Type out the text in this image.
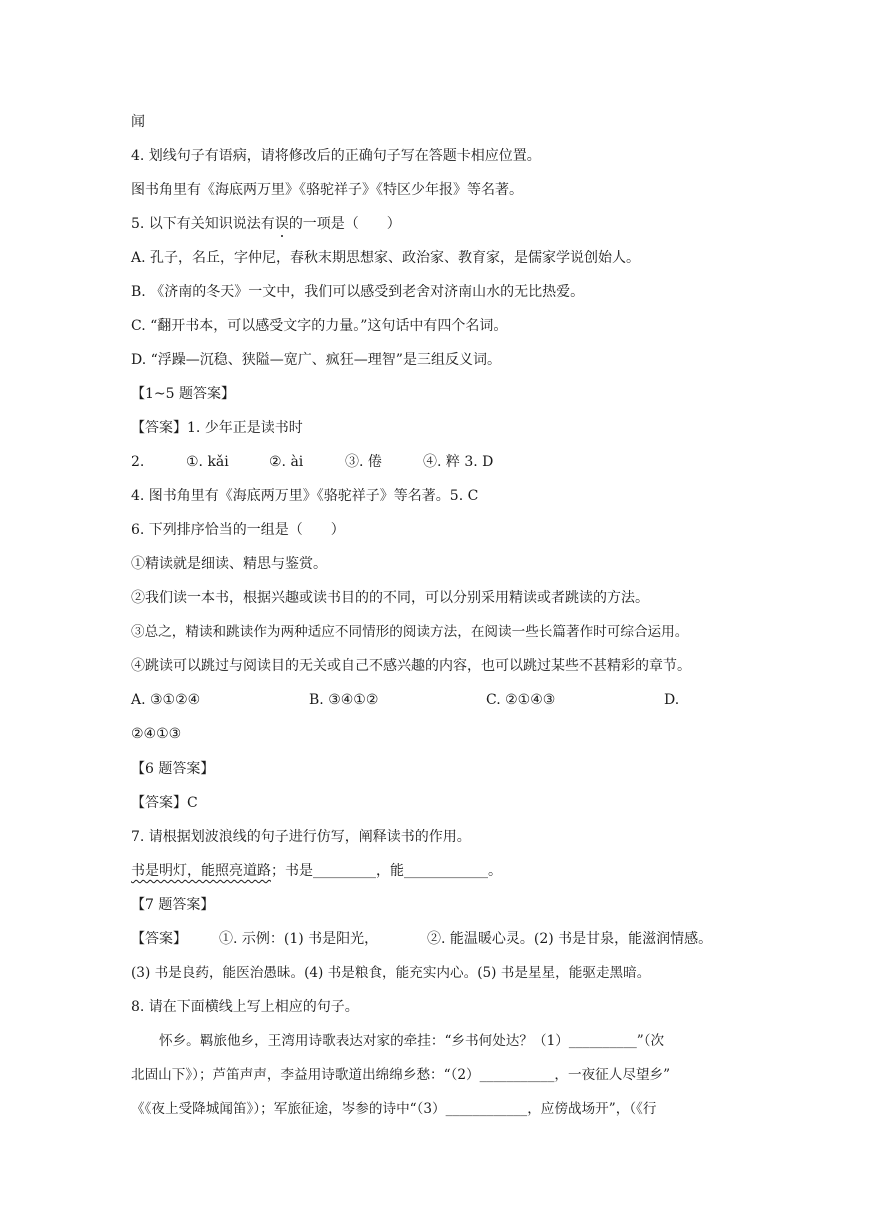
闻
4. 划线句子有语病，请将修改后的正确句子写在答题卡相应位置。
图书角里有《海底两万里》《骆驼祥子》《特区少年报》等名著。
5. 以下有关知识说法有误的一项是（　　）
A. 孔子，名丘，字仲尼，春秋末期思想家、政治家、教育家，是儒家学说创始人。
B. 《济南的冬天》一文中，我们可以感受到老舍对济南山水的无比热爱。
C. “翻开书本，可以感受文字的力量。”这句话中有四个名词。
D. “浮躁—沉稳、狭隘—宽广、疯狂—理智”是三组反义词。
【1~5 题答案】
【答案】1. 少年正是读书时
2.	①. kǎi	②. ài	③. 倦	④. 粹 3. D
4. 图书角里有《海底两万里》《骆驼祥子》等名著。5. C
6. 下列排序恰当的一组是（　　）
①精读就是细读、精思与鉴赏。
②我们读一本书，根据兴趣或读书目的的不同，可以分别采用精读或者跳读的方法。
③总之，精读和跳读作为两种适应不同情形的阅读方法，在阅读一些长篇著作时可综合运用。
④跳读可以跳过与阅读目的无关或自己不感兴趣的内容，也可以跳过某些不甚精彩的章节。
A. ③①②④	B. ③④①②	C. ②①④③	D.
②④①③
【6 题答案】
【答案】C
7. 请根据划波浪线的句子进行仿写，阐释读书的作用。
书是明灯，能照亮道路；书是_________，能____________。
【7 题答案】
【答案】 ①. 示例：(1) 书是阳光，	②. 能温暖心灵。(2) 书是甘泉，能滋润情感。
(3) 书是良药，能医治愚昧。(4) 书是粮食，能充实内心。(5) 书是星星，能驱走黑暗。
8. 请在下面横线上写上相应的句子。
怀乡。羁旅他乡，王湾用诗歌表达对家的牵挂：“乡书何处达？（1）__________”（次
北固山下》）；芦笛声声，李益用诗歌道出绵绵乡愁：“（2）___________，一夜征人尽望乡”
《《夜上受降城闻笛》）；军旅征途，岑参的诗中“（3）____________，应傍战场开”，（《行
